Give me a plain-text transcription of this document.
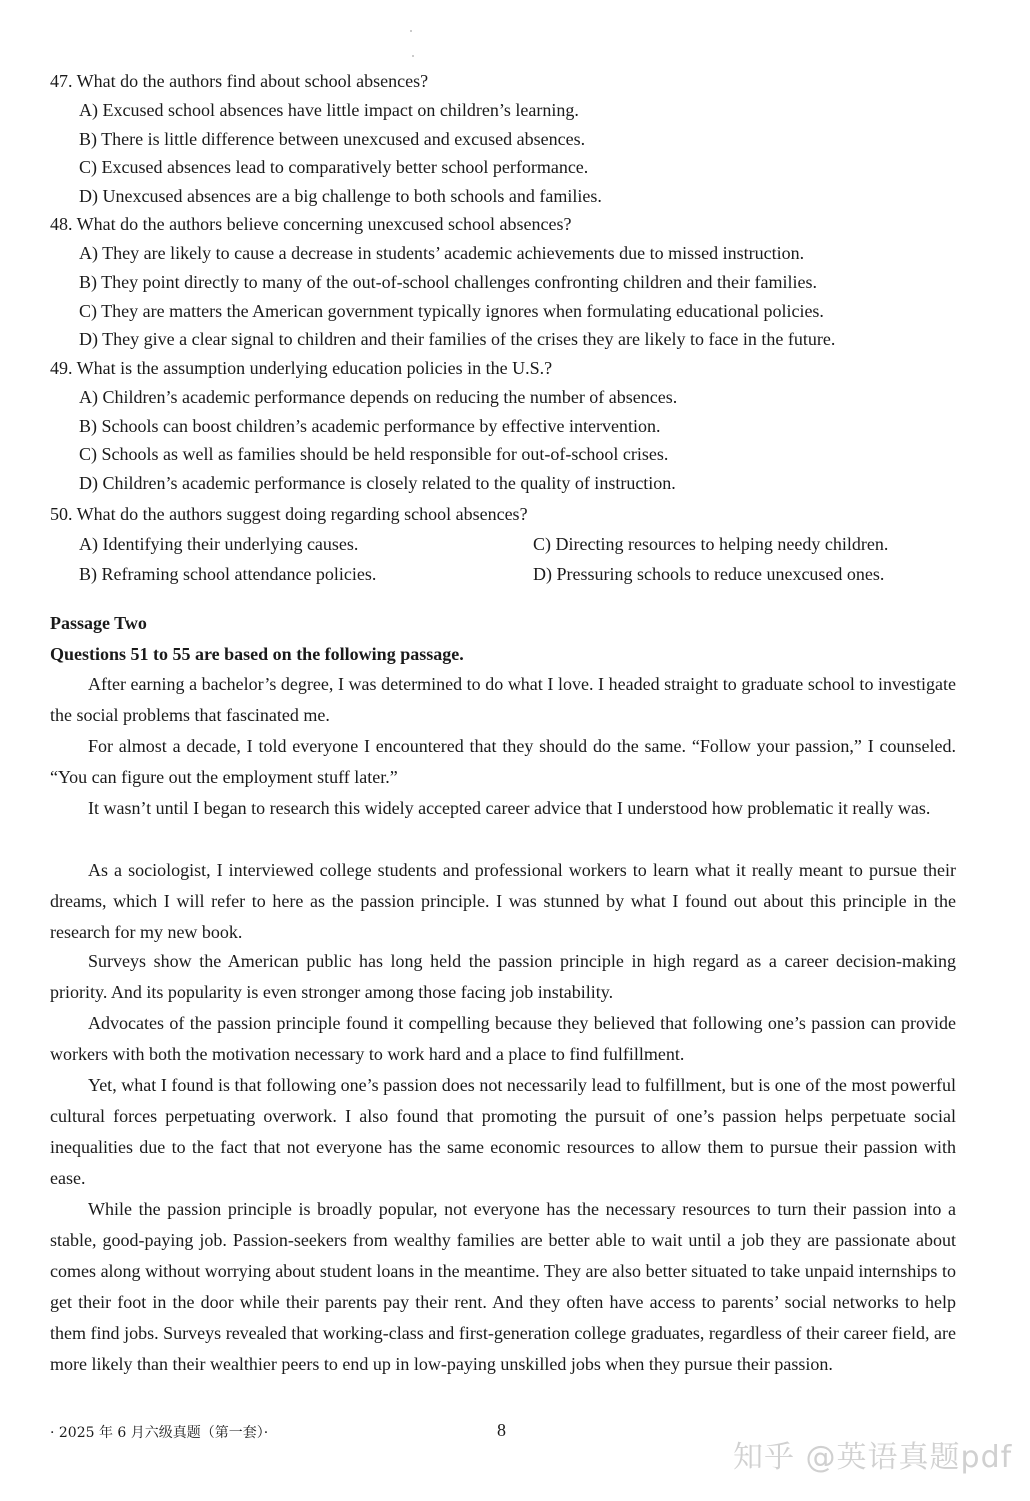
47. What do the authors find about school absences?
A) Excused school absences have little impact on children’s learning.
B) There is little difference between unexcused and excused absences.
C) Excused absences lead to comparatively better school performance.
D) Unexcused absences are a big challenge to both schools and families.
48. What do the authors believe concerning unexcused school absences?
A) They are likely to cause a decrease in students’ academic achievements due to missed instruction.
B) They point directly to many of the out-of-school challenges confronting children and their families.
C) They are matters the American government typically ignores when formulating educational policies.
D) They give a clear signal to children and their families of the crises they are likely to face in the future.
49. What is the assumption underlying education policies in the U.S.?
A) Children’s academic performance depends on reducing the number of absences.
B) Schools can boost children’s academic performance by effective intervention.
C) Schools as well as families should be held responsible for out-of-school crises.
D) Children’s academic performance is closely related to the quality of instruction.
50. What do the authors suggest doing regarding school absences?
A) Identifying their underlying causes.
B) Reframing school attendance policies.
C) Directing resources to helping needy children.
D) Pressuring schools to reduce unexcused ones.
Passage Two
Questions 51 to 55 are based on the following passage.

After earning a bachelor’s degree, I was determined to do what I love. I headed straight to graduate school to investigate the social problems that fascinated me.

For almost a decade, I told everyone I encountered that they should do the same. “Follow your passion,” I counseled. “You can figure out the employment stuff later.”

It wasn’t until I began to research this widely accepted career advice that I understood how problematic it really was.

As a sociologist, I interviewed college students and professional workers to learn what it really meant to pursue their dreams, which I will refer to here as the passion principle. I was stunned by what I found out about this principle in the research for my new book.

Surveys show the American public has long held the passion principle in high regard as a career decision-making priority. And its popularity is even stronger among those facing job instability.

Advocates of the passion principle found it compelling because they believed that following one’s passion can provide workers with both the motivation necessary to work hard and a place to find fulfillment.

Yet, what I found is that following one’s passion does not necessarily lead to fulfillment, but is one of the most powerful cultural forces perpetuating overwork. I also found that promoting the pursuit of one’s passion helps perpetuate social inequalities due to the fact that not everyone has the same economic resources to allow them to pursue their passion with ease.

While the passion principle is broadly popular, not everyone has the necessary resources to turn their passion into a stable, good-paying job. Passion-seekers from wealthy families are better able to wait until a job they are passionate about comes along without worrying about student loans in the meantime. They are also better situated to take unpaid internships to get their foot in the door while their parents pay their rent. And they often have access to parents’ social networks to help them find jobs. Surveys revealed that working-class and first-generation college graduates, regardless of their career field, are more likely than their wealthier peers to end up in low-paying unskilled jobs when they pursue their passion.

· 2025 年 6 月六级真题（第一套）·	8
知乎 @英语真题pdf
